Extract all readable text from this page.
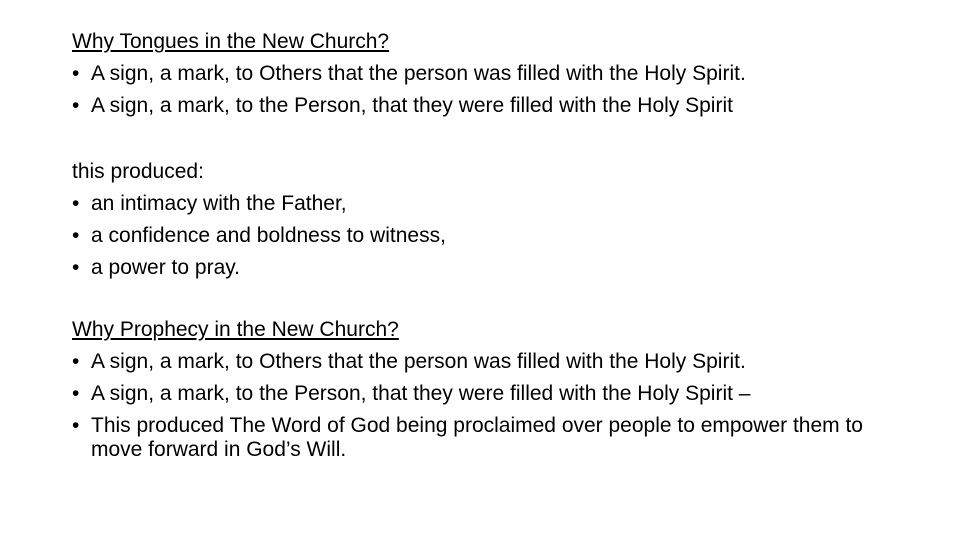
Why Tongues in the New Church?

• A sign, a mark, to Others that the person was filled with the Holy Spirit.
• A sign, a mark, to the Person, that they were filled with the Holy Spirit

this produced:

• an intimacy with the Father,
• a confidence and boldness to witness,
• a power to pray.

Why Prophecy in the New Church?

• A sign, a mark, to Others that the person was filled with the Holy Spirit.
• A sign, a mark, to the Person, that they were filled with the Holy Spirit –
• This produced The Word of God being proclaimed over people to empower them to move forward in God’s Will.
